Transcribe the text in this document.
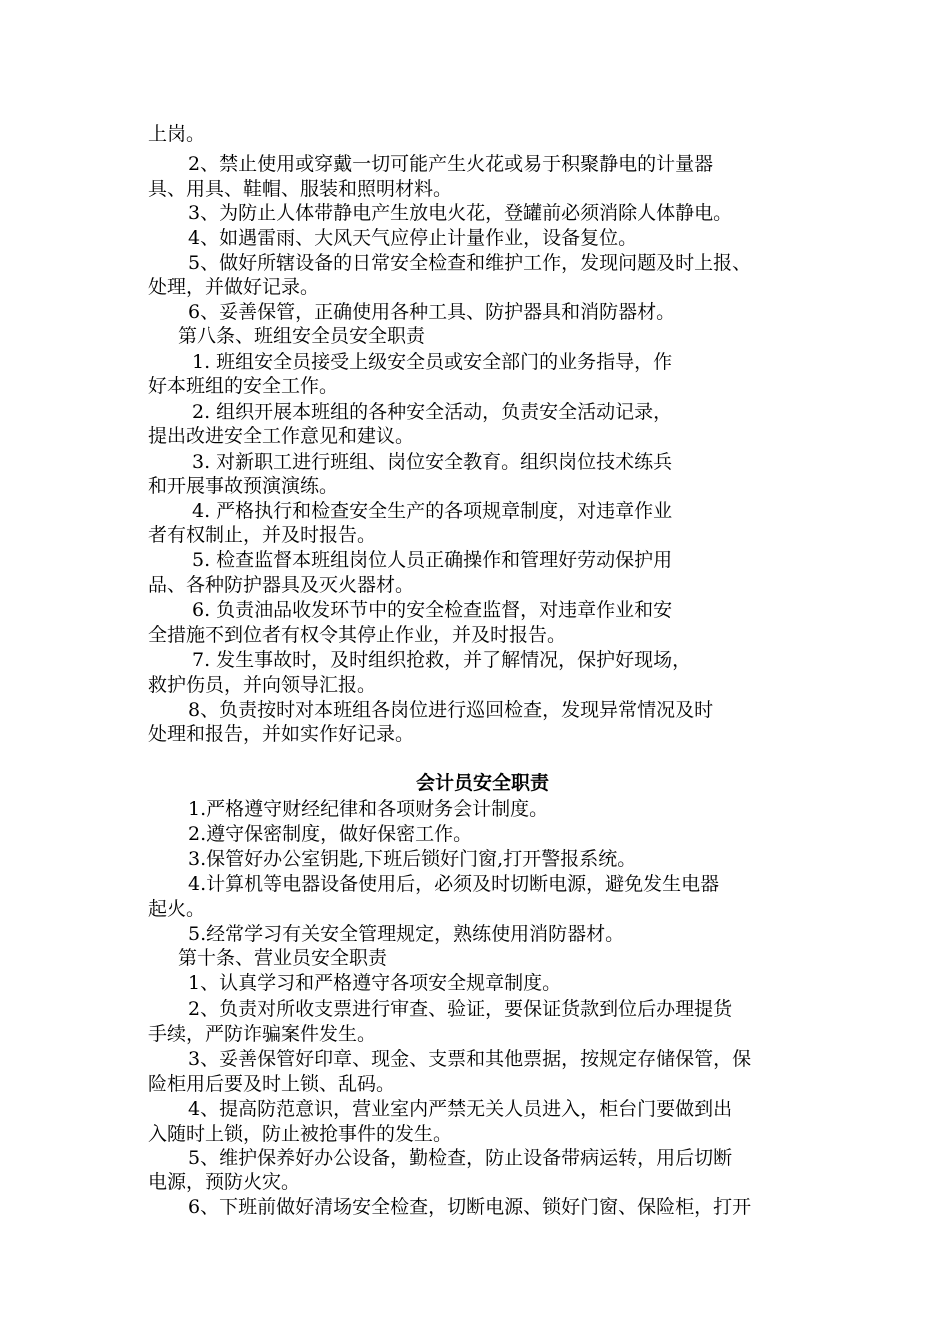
上岗。
2、禁止使用或穿戴一切可能产生火花或易于积聚静电的计量器
具、用具、鞋帽、服装和照明材料。
3、为防止人体带静电产生放电火花，登罐前必须消除人体静电。
4、如遇雷雨、大风天气应停止计量作业，设备复位。
5、做好所辖设备的日常安全检查和维护工作，发现问题及时上报、
处理，并做好记录。
6、妥善保管，正确使用各种工具、防护器具和消防器材。
第八条、班组安全员安全职责
1. 班组安全员接受上级安全员或安全部门的业务指导，作
好本班组的安全工作。
2. 组织开展本班组的各种安全活动，负责安全活动记录，
提出改进安全工作意见和建议。
3. 对新职工进行班组、岗位安全教育。组织岗位技术练兵
和开展事故预演演练。
4. 严格执行和检查安全生产的各项规章制度，对违章作业
者有权制止，并及时报告。
5. 检查监督本班组岗位人员正确操作和管理好劳动保护用
品、各种防护器具及灭火器材。
6. 负责油品收发环节中的安全检查监督，对违章作业和安
全措施不到位者有权令其停止作业，并及时报告。
7. 发生事故时，及时组织抢救，并了解情况，保护好现场，
救护伤员，并向领导汇报。
8、负责按时对本班组各岗位进行巡回检查，发现异常情况及时
处理和报告，并如实作好记录。
会计员安全职责
1.严格遵守财经纪律和各项财务会计制度。
2.遵守保密制度，做好保密工作。
3.保管好办公室钥匙,下班后锁好门窗,打开警报系统。
4.计算机等电器设备使用后，必须及时切断电源，避免发生电器
起火。
5.经常学习有关安全管理规定，熟练使用消防器材。
第十条、营业员安全职责
1、认真学习和严格遵守各项安全规章制度。
2、负责对所收支票进行审查、验证，要保证货款到位后办理提货
手续，严防诈骗案件发生。
3、妥善保管好印章、现金、支票和其他票据，按规定存储保管，保
险柜用后要及时上锁、乱码。
4、提高防范意识，营业室内严禁无关人员进入，柜台门要做到出
入随时上锁，防止被抢事件的发生。
5、维护保养好办公设备，勤检查，防止设备带病运转，用后切断
电源，预防火灾。
6、下班前做好清场安全检查，切断电源、锁好门窗、保险柜，打开
